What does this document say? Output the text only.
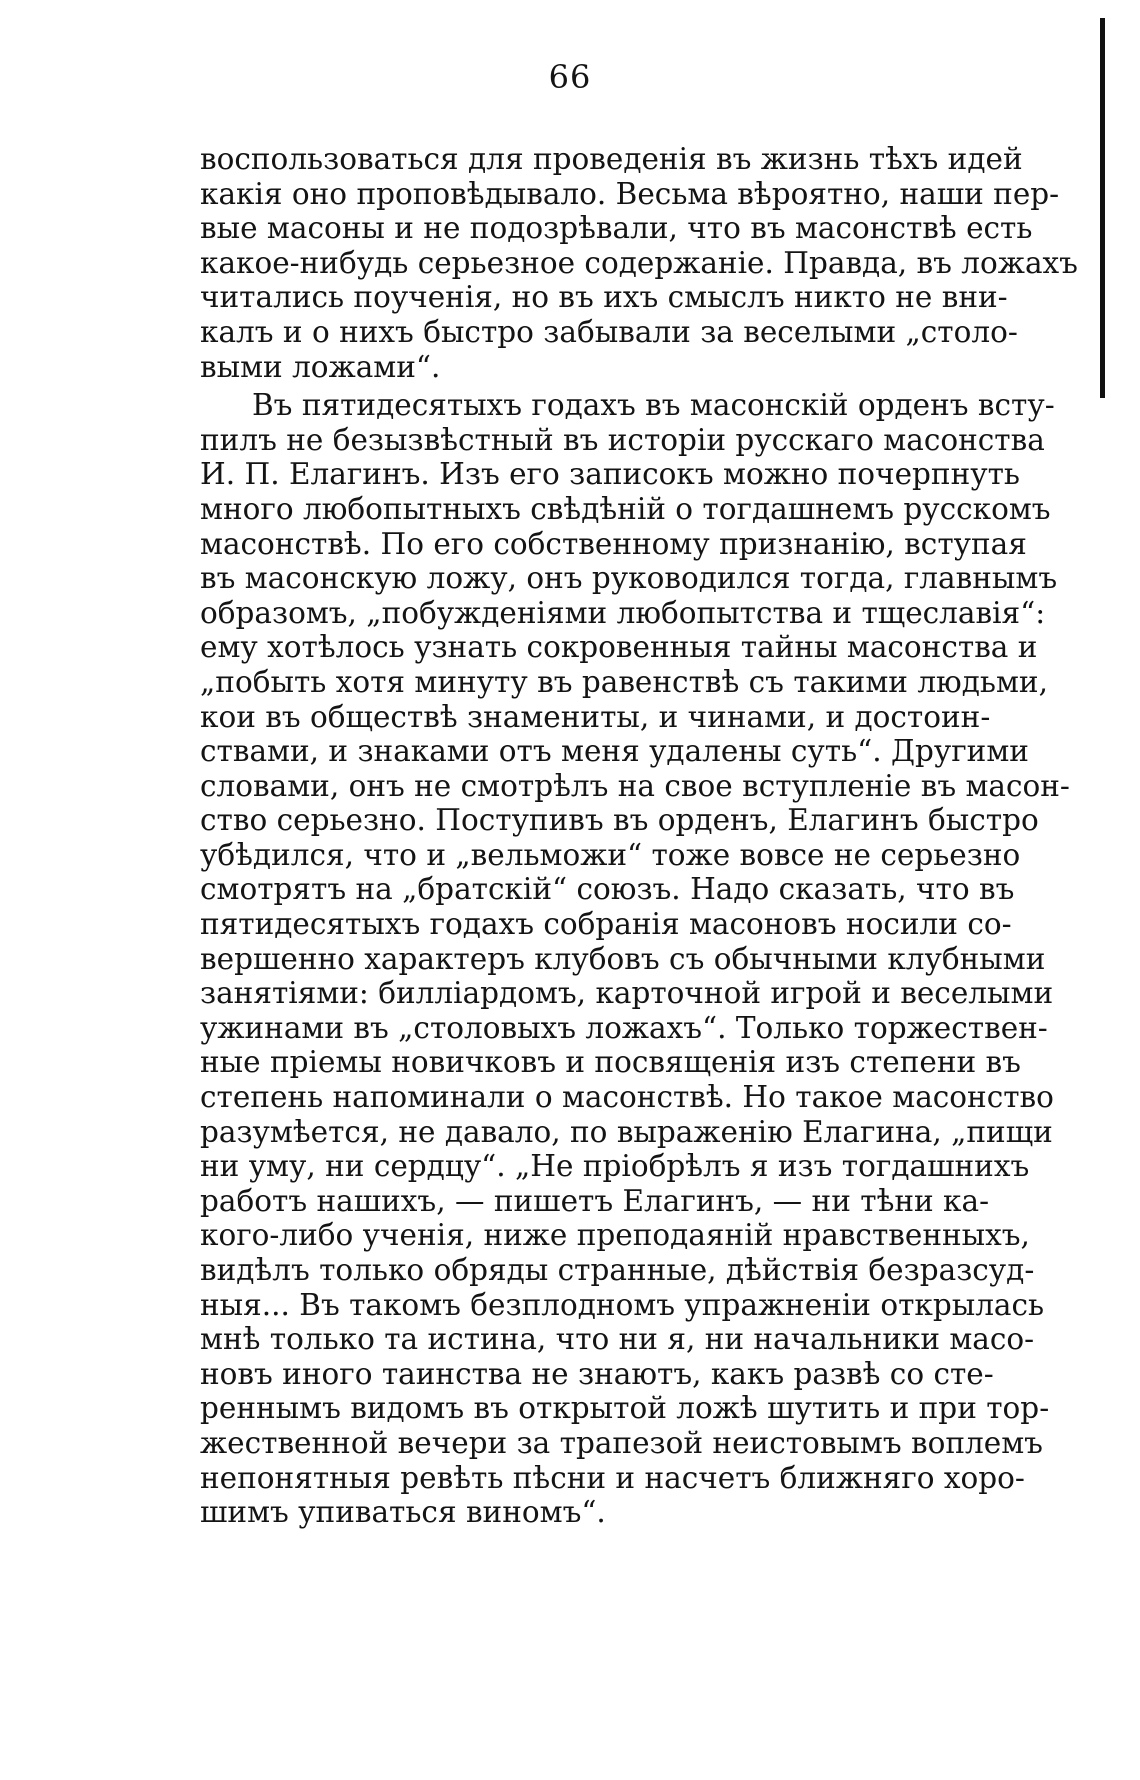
66
воспользоваться для проведенія въ жизнь тѣхъ идей
какія оно проповѣдывало. Весьма вѣроятно, наши пер-
вые масоны и не подозрѣвали, что въ масонствѣ есть
какое-нибудь серьезное содержаніе. Правда, въ ложахъ
читались поученія, но въ ихъ смыслъ никто не вни-
калъ и о нихъ быстро забывали за веселыми „столо-
выми ложами“.
Въ пятидесятыхъ годахъ въ масонскій орденъ всту-
пилъ не безызвѣстный въ исторіи русскаго масонства
И. П. Елагинъ. Изъ его записокъ можно почерпнуть
много любопытныхъ свѣдѣній о тогдашнемъ русскомъ
масонствѣ. По его собственному признанію, вступая
въ масонскую ложу, онъ руководился тогда, главнымъ
образомъ, „побужденіями любопытства и тщеславія“:
ему хотѣлось узнать сокровенныя тайны масонства и
„побыть хотя минуту въ равенствѣ съ такими людьми,
кои въ обществѣ знамениты, и чинами, и достоин-
ствами, и знаками отъ меня удалены суть“. Другими
словами, онъ не смотрѣлъ на свое вступленіе въ масон-
ство серьезно. Поступивъ въ орденъ, Елагинъ быстро
убѣдился, что и „вельможи“ тоже вовсе не серьезно
смотрятъ на „братскій“ союзъ. Надо сказать, что въ
пятидесятыхъ годахъ собранія масоновъ носили со-
вершенно характеръ клубовъ съ обычными клубными
занятіями: билліардомъ, карточной игрой и веселыми
ужинами въ „столовыхъ ложахъ“. Только торжествен-
ные пріемы новичковъ и посвященія изъ степени въ
степень напоминали о масонствѣ. Но такое масонство
разумѣется, не давало, по выраженію Елагина, „пищи
ни уму, ни сердцу“. „Не пріобрѣлъ я изъ тогдашнихъ
работъ нашихъ, — пишетъ Елагинъ, — ни тѣни ка-
кого-либо ученія, ниже преподаяній нравственныхъ,
видѣлъ только обряды странные, дѣйствія безразсуд-
ныя... Въ такомъ безплодномъ упражненіи открылась
мнѣ только та истина, что ни я, ни начальники масо-
новъ иного таинства не знаютъ, какъ развѣ со сте-
реннымъ видомъ въ открытой ложѣ шутить и при тор-
жественной вечери за трапезой неистовымъ воплемъ
непонятныя ревѣть пѣсни и насчетъ ближняго хоро-
шимъ упиваться виномъ“.
